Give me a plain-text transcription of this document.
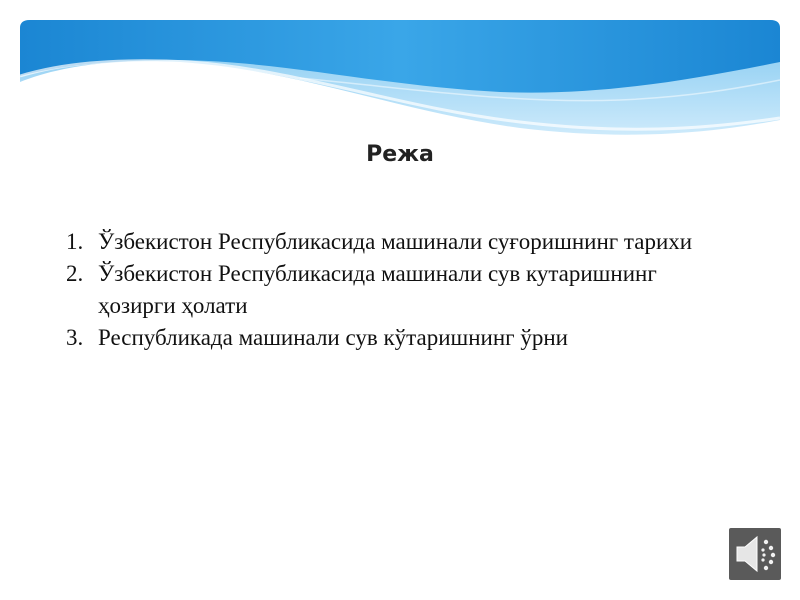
Режа
1. Ўзбекистон Республикасида машинали суғоришнинг тарихи
2. Ўзбекистон Республикасида машинали сув кутаришнингҳозирги ҳолати
3. Республикада машинали сув кўтаришнинг ўрни
